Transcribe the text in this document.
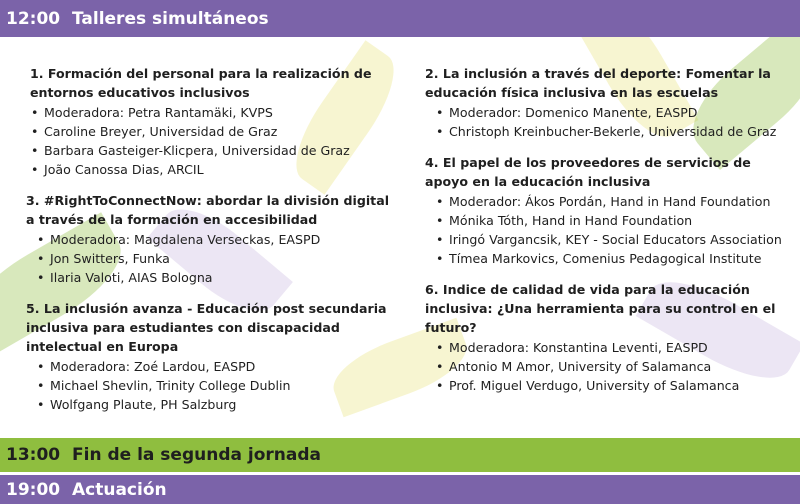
12:00 Talleres simultáneos

1. Formación del personal para la realización de entornos educativos inclusivos

• Moderadora: Petra Rantamäki, KVPS
• Caroline Breyer, Universidad de Graz
• Barbara Gasteiger-Klicpera, Universidad de Graz
• João Canossa Dias, ARCIL

3. #RightToConnectNow: abordar la división digital a través de la formación en accesibilidad

• Moderadora: Magdalena Verseckas, EASPD
• Jon Switters, Funka
• Ilaria Valoti, AIAS Bologna

5. La inclusión avanza - Educación post secundaria inclusiva para estudiantes con discapacidad intelectual en Europa

• Moderadora: Zoé Lardou, EASPD
• Michael Shevlin, Trinity College Dublin
• Wolfgang Plaute, PH Salzburg

2. La inclusión a través del deporte: Fomentar la educación física inclusiva en las escuelas

• Moderador: Domenico Manente, EASPD
• Christoph Kreinbucher-Bekerle, Universidad de Graz

4. El papel de los proveedores de servicios de apoyo en la educación inclusiva

• Moderador: Ákos Pordán, Hand in Hand Foundation
• Mónika Tóth, Hand in Hand Foundation
• Iringó Vargancsik, KEY - Social Educators Association
• Tímea Markovics, Comenius Pedagogical Institute

6. Indice de calidad de vida para la educación inclusiva: ¿Una herramienta para su control en el futuro?

• Moderadora: Konstantina Leventi, EASPD
• Antonio M Amor, University of Salamanca
• Prof. Miguel Verdugo, University of Salamanca
13:00 Fin de la segunda jornada
19:00 Actuación
